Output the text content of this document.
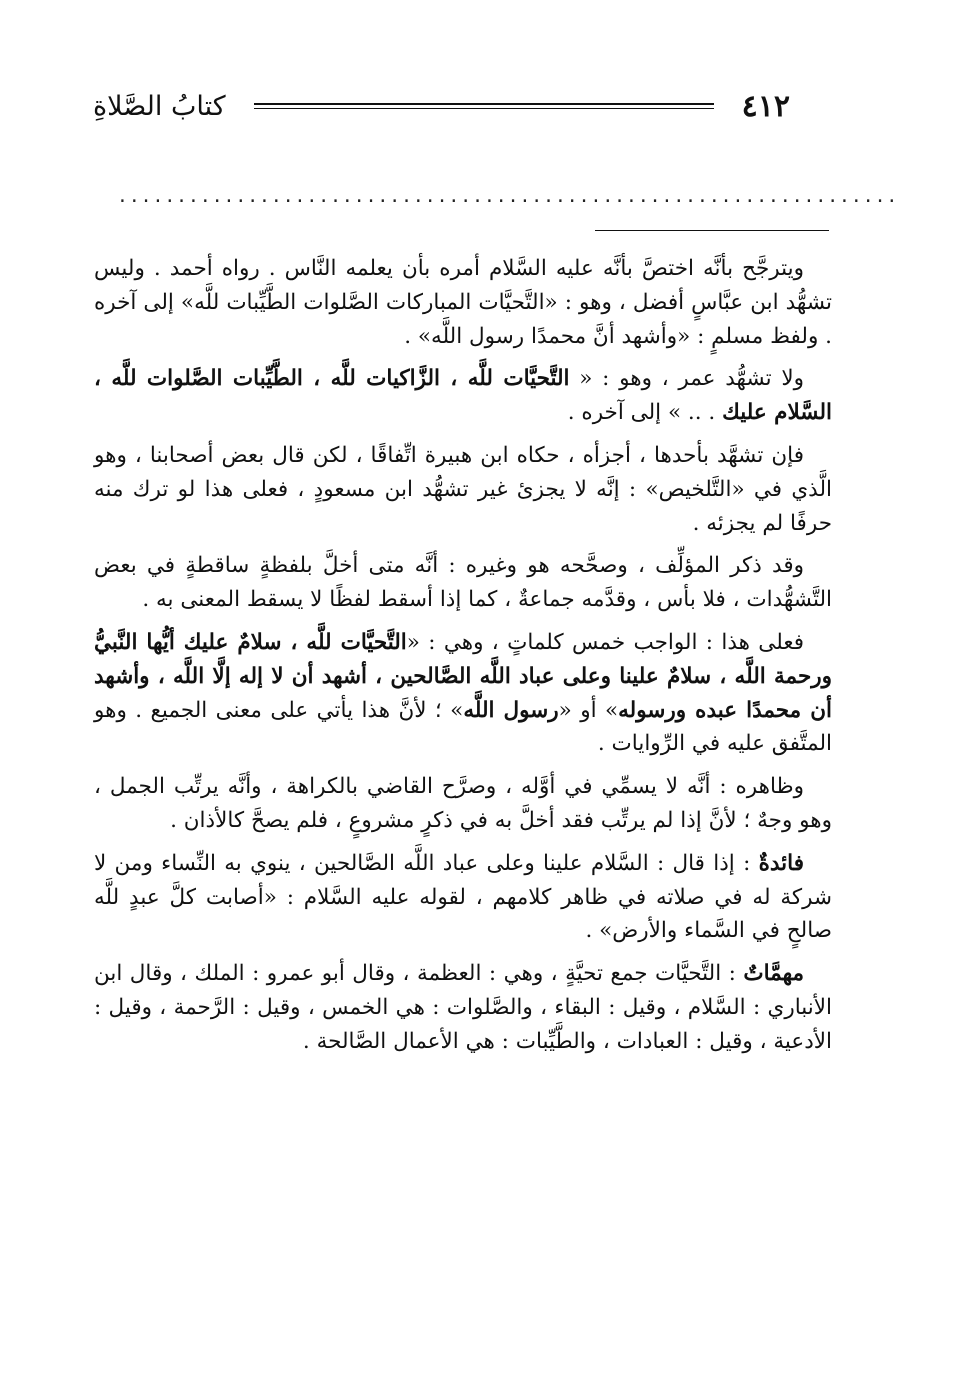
٤١٢
كتابُ الصَّلاةِ
..................................................................

ويترجَّح بأنَّه اختصَّ بأنَّه عليه السَّلام أمره بأن يعلمه النَّاس . رواه أحمد . وليس تشهُّد ابن عبَّاسٍ أفضل ، وهو : «التَّحيَّات المباركات الصَّلوات الطَّيِّبات للَّه» إلى آخره . ولفظ مسلمٍ : «وأشهد أنَّ محمدًا رسول اللَّه» .

ولا تشهُّد عمر ، وهو : « التَّحيَّات للَّه ، الزَّاكيات للَّه ، الطَّيِّبات الصَّلوات للَّه ، السَّلام عليك . .. » إلى آخره .

فإن تشهَّد بأحدها ، أجزأه ، حكاه ابن هبيرة اتِّفاقًا ، لكن قال بعض أصحابنا ، وهو الَّذي في «التَّلخيص» : إنَّه لا يجزئ غير تشهُّد ابن مسعودٍ ، فعلى هذا لو ترك منه حرفًا لم يجزئه .

وقد ذكر المؤلِّف ، وصحَّحه هو وغيره : أنَّه متى أخلَّ بلفظةٍ ساقطةٍ في بعض التَّشهُّدات ، فلا بأس ، وقدَّمه جماعةٌ ، كما إذا أسقط لفظًا لا يسقط المعنى به .

فعلى هذا : الواجب خمس كلماتٍ ، وهي : «التَّحيَّات للَّه ، سلامٌ عليك أيُّها النَّبيُّ ورحمة اللَّه ، سلامٌ علينا وعلى عباد اللَّه الصَّالحين ، أشهد أن لا إله إلَّا اللَّه ، وأشهد أن محمدًا عبده ورسوله» أو «رسول اللَّه» ؛ لأنَّ هذا يأتي على معنى الجميع . وهو المتَّفق عليه في الرِّوايات .

وظاهره : أنَّه لا يسمِّي في أوَّله ، وصرَّح القاضي بالكراهة ، وأنَّه يرتِّب الجمل ، وهو وجهٌ ؛ لأنَّ إذا لم يرتِّب فقد أخلَّ به في ذكرٍ مشروعٍ ، فلم يصحَّ كالأذان .

فائدةٌ : إذا قال : السَّلام علينا وعلى عباد اللَّه الصَّالحين ، ينوي به النِّساء ومن لا شركة له في صلاته في ظاهر كلامهم ، لقوله عليه السَّلام : «أصابت كلَّ عبدٍ للَّه صالحٍ في السَّماء والأرض» .

مهمَّاتٌ : التَّحيَّات جمع تحيَّةٍ ، وهي : العظمة ، وقال أبو عمرو : الملك ، وقال ابن الأنباري : السَّلام ، وقيل : البقاء ، والصَّلوات : هي الخمس ، وقيل : الرَّحمة ، وقيل : الأدعية ، وقيل : العبادات ، والطَّيِّبات : هي الأعمال الصَّالحة .
